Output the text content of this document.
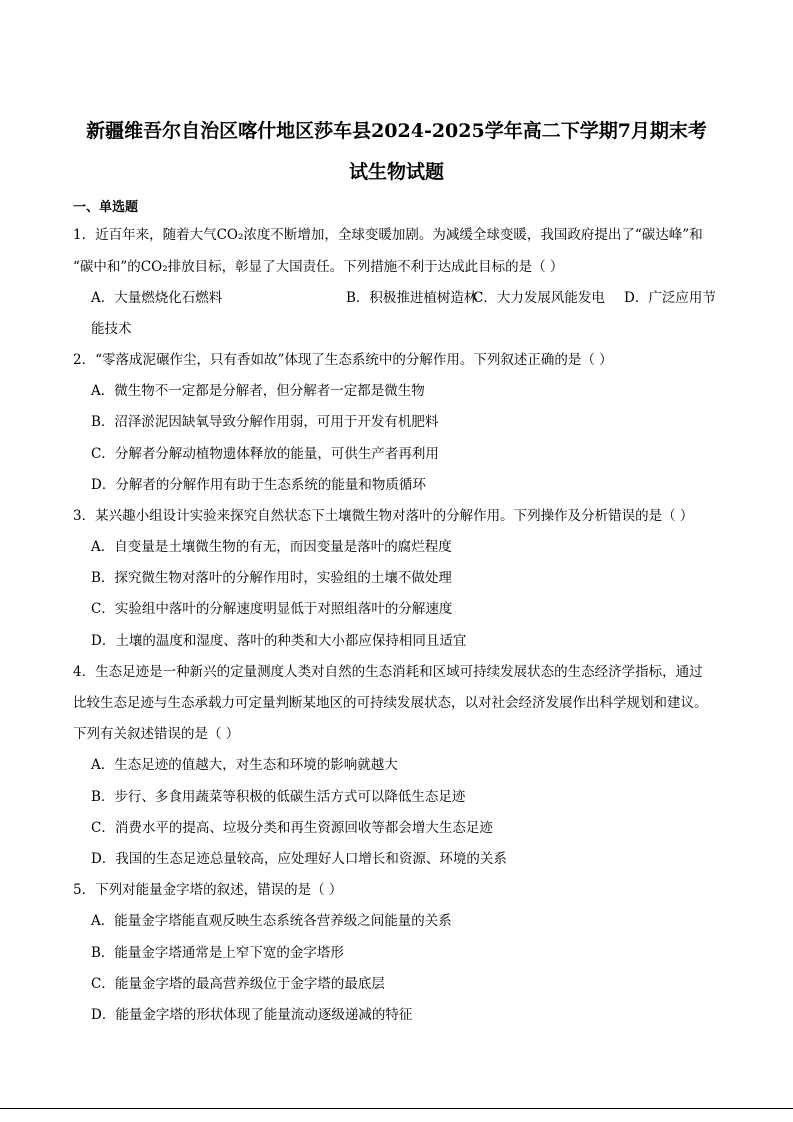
新疆维吾尔自治区喀什地区莎车县2024-2025学年高二下学期7月期末考
试生物试题
一、单选题
1．近百年来，随着大气CO₂浓度不断增加，全球变暖加剧。为减缓全球变暖，我国政府提出了“碳达峰”和
“碳中和”的CO₂排放目标，彰显了大国责任。下列措施不利于达成此目标的是（ ）
A．大量燃烧化石燃料	B．积极推进植树造林
C．大力发展风能发电 D．广泛应用节
能技术
2．“零落成泥碾作尘，只有香如故”体现了生态系统中的分解作用。下列叙述正确的是（ ）
A．微生物不一定都是分解者，但分解者一定都是微生物
B．沼泽淤泥因缺氧导致分解作用弱，可用于开发有机肥料
C．分解者分解动植物遗体释放的能量，可供生产者再利用
D．分解者的分解作用有助于生态系统的能量和物质循环
3．某兴趣小组设计实验来探究自然状态下土壤微生物对落叶的分解作用。下列操作及分析错误的是（ ）
A．自变量是土壤微生物的有无，而因变量是落叶的腐烂程度
B．探究微生物对落叶的分解作用时，实验组的土壤不做处理
C．实验组中落叶的分解速度明显低于对照组落叶的分解速度
D．土壤的温度和湿度、落叶的种类和大小都应保持相同且适宜
4．生态足迹是一种新兴的定量测度人类对自然的生态消耗和区域可持续发展状态的生态经济学指标，通过
比较生态足迹与生态承载力可定量判断某地区的可持续发展状态，以对社会经济发展作出科学规划和建议。
下列有关叙述错误的是（ ）
A．生态足迹的值越大，对生态和环境的影响就越大
B．步行、多食用蔬菜等积极的低碳生活方式可以降低生态足迹
C．消费水平的提高、垃圾分类和再生资源回收等都会增大生态足迹
D．我国的生态足迹总量较高，应处理好人口增长和资源、环境的关系
5．下列对能量金字塔的叙述，错误的是（ ）
A．能量金字塔能直观反映生态系统各营养级之间能量的关系
B．能量金字塔通常是上窄下宽的金字塔形
C．能量金字塔的最高营养级位于金字塔的最底层
D．能量金字塔的形状体现了能量流动逐级递减的特征
